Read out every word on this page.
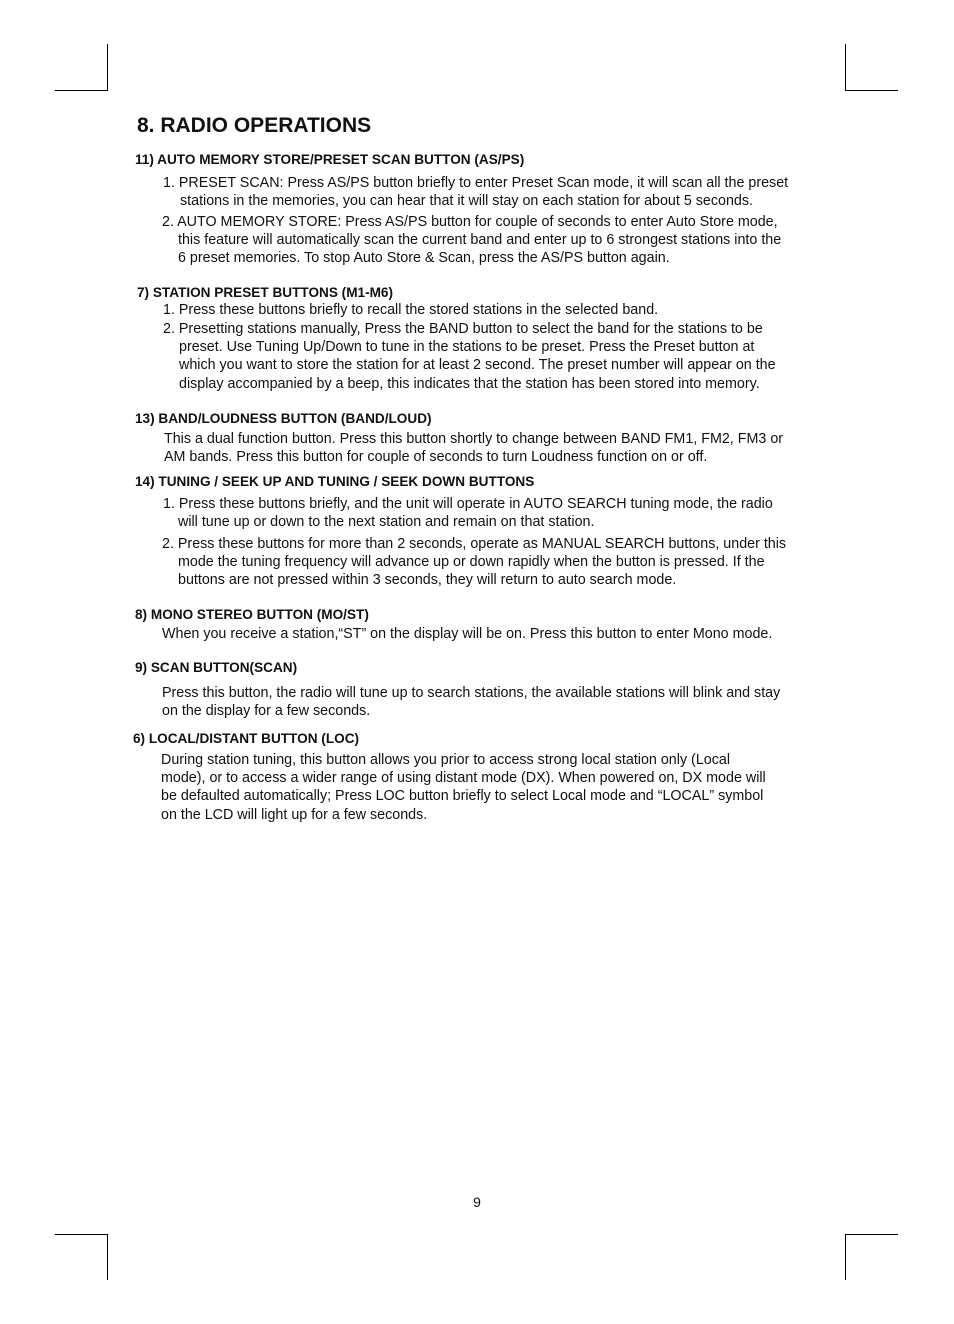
8. RADIO OPERATIONS
11) AUTO MEMORY STORE/PRESET SCAN BUTTON (AS/PS)
1. PRESET SCAN: Press AS/PS button briefly to enter Preset Scan mode, it will scan all the preset
stations in the memories, you can hear that it will stay on each station for about 5 seconds.
2. AUTO MEMORY STORE: Press AS/PS button for couple of seconds to enter Auto Store mode,
this feature will automatically scan the current band and enter up to 6 strongest stations into the
6 preset memories. To stop Auto Store & Scan, press the AS/PS button again.
7) STATION PRESET BUTTONS (M1-M6)
1. Press these buttons briefly to recall the stored stations in the selected band.
2. Presetting stations manually, Press the BAND button to select the band for the stations to be
preset. Use Tuning Up/Down to tune in the stations to be preset. Press the Preset button at
which you want to store the station for at least 2 second. The preset number will appear on the
display accompanied by a beep, this indicates that the station has been stored into memory.
13) BAND/LOUDNESS BUTTON (BAND/LOUD)
This a dual function button. Press this button shortly to change between BAND FM1, FM2, FM3 or
AM bands. Press this button for couple of seconds to turn Loudness function on or off.
14) TUNING / SEEK UP AND TUNING / SEEK DOWN BUTTONS
1. Press these buttons briefly, and the unit will operate in AUTO SEARCH tuning mode, the radio
will tune up or down to the next station and remain on that station.
2. Press these buttons for more than 2 seconds, operate as MANUAL SEARCH buttons, under this
mode the tuning frequency will advance up or down rapidly when the button is pressed. If the
buttons are not pressed within 3 seconds, they will return to auto search mode.
8) MONO STEREO BUTTON (MO/ST)
When you receive a station,“ST” on the display will be on. Press this button to enter Mono mode.
9) SCAN BUTTON(SCAN)
Press this button, the radio will tune up to search stations, the available stations will blink and stay
on the display for a few seconds.
6) LOCAL/DISTANT BUTTON (LOC)
During station tuning, this button allows you prior to access strong local station only (Local
mode), or to access a wider range of using distant mode (DX). When powered on, DX mode will
be defaulted automatically; Press LOC button briefly to select Local mode and “LOCAL” symbol
on the LCD will light up for a few seconds.
9
